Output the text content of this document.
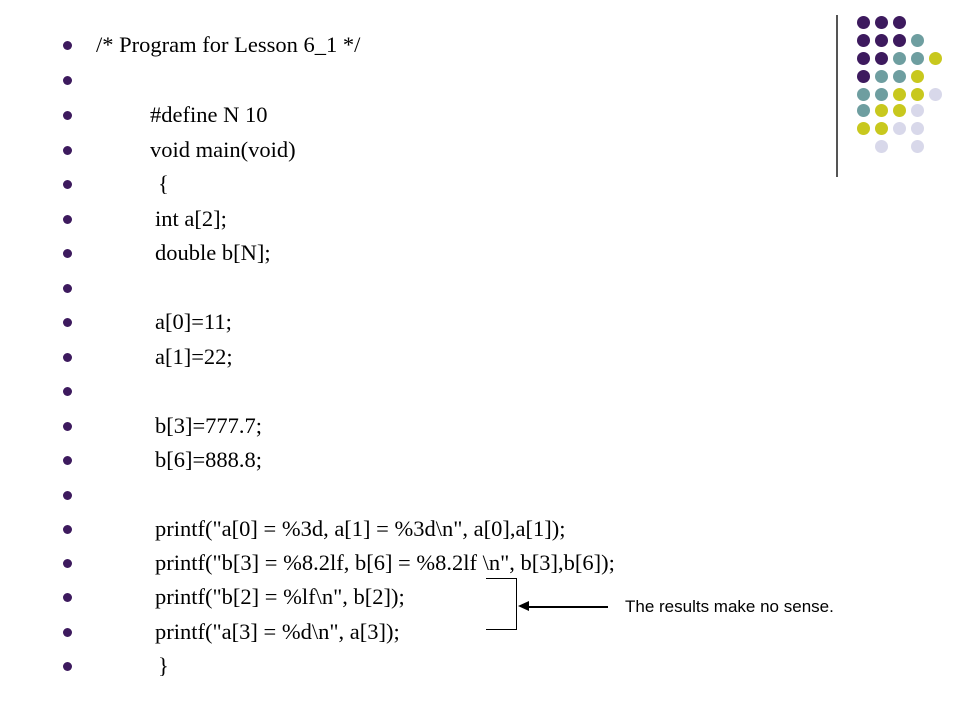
/* Program for Lesson 6_1 */
#define N 10
void main(void)
{
int a[2];
double b[N];
a[0]=11;
a[1]=22;
b[3]=777.7;
b[6]=888.8;
printf("a[0] = %3d, a[1] = %3d\n", a[0],a[1]);
printf("b[3] = %8.2lf, b[6] = %8.2lf \n", b[3],b[6]);
printf("b[2] = %lf\n", b[2]);
printf("a[3] = %d\n", a[3]);
}
The results make no sense.
